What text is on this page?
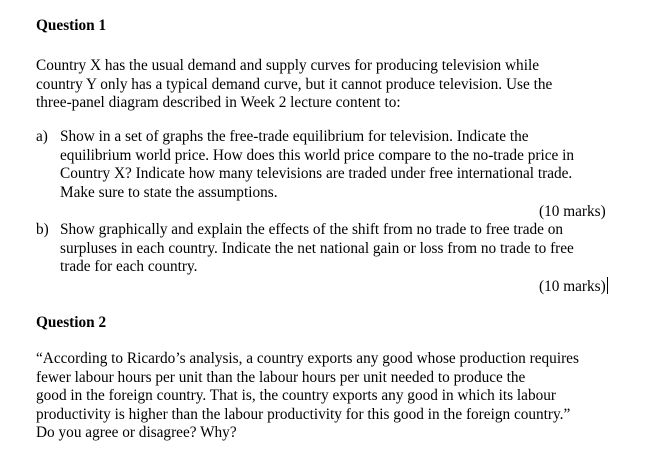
Question 1
Country X has the usual demand and supply curves for producing television while
country Y only has a typical demand curve, but it cannot produce television. Use the
three-panel diagram described in Week 2 lecture content to:
a) Show in a set of graphs the free-trade equilibrium for television. Indicate the
equilibrium world price. How does this world price compare to the no-trade price in
Country X? Indicate how many televisions are traded under free international trade.
Make sure to state the assumptions.
(10 marks)
b) Show graphically and explain the effects of the shift from no trade to free trade on
surpluses in each country. Indicate the net national gain or loss from no trade to free
trade for each country.
(10 marks)
Question 2
“According to Ricardo’s analysis, a country exports any good whose production requires
fewer labour hours per unit than the labour hours per unit needed to produce the
good in the foreign country. That is, the country exports any good in which its labour
productivity is higher than the labour productivity for this good in the foreign country.”
Do you agree or disagree? Why?
